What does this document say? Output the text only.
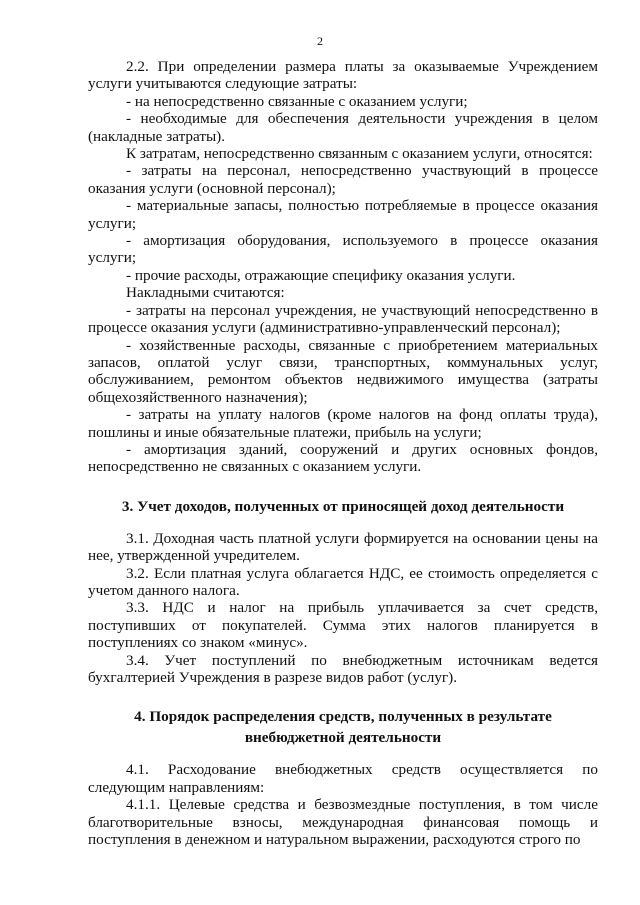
2

2.2. При определении размера платы за оказываемые Учреждением услуги учитываются следующие затраты:

- на непосредственно связанные с оказанием услуги;

- необходимые для обеспечения деятельности учреждения в целом (накладные затраты).

К затратам, непосредственно связанным с оказанием услуги, относятся:

- затраты на персонал, непосредственно участвующий в процессе оказания услуги (основной персонал);

- материальные запасы, полностью потребляемые в процессе оказания услуги;

- амортизация оборудования, используемого в процессе оказания услуги;

- прочие расходы, отражающие специфику оказания услуги.

Накладными считаются:

- затраты на персонал учреждения, не участвующий непосредственно в процессе оказания услуги (административно-управленческий персонал);

- хозяйственные расходы, связанные с приобретением материальных запасов, оплатой услуг связи, транспортных, коммунальных услуг, обслуживанием, ремонтом объектов недвижимого имущества (затраты общехозяйственного назначения);

- затраты на уплату налогов (кроме налогов на фонд оплаты труда), пошлины и иные обязательные платежи, прибыль на услуги;

- амортизация зданий, сооружений и других основных фондов, непосредственно не связанных с оказанием услуги.

3. Учет доходов, полученных от приносящей доход деятельности

3.1. Доходная часть платной услуги формируется на основании цены на нее, утвержденной учредителем.

3.2. Если платная услуга облагается НДС, ее стоимость определяется с учетом данного налога.

3.3. НДС и налог на прибыль уплачивается за счет средств, поступивших от покупателей. Сумма этих налогов планируется в поступлениях со знаком «минус».

3.4. Учет поступлений по внебюджетным источникам ведется бухгалтерией Учреждения в разрезе видов работ (услуг).

4. Порядок распределения средств, полученных в результате

внебюджетной деятельности

4.1. Расходование внебюджетных средств осуществляется по следующим направлениям:

4.1.1. Целевые средства и безвозмездные поступления, в том числе благотворительные взносы, международная финансовая помощь и поступления в денежном и натуральном выражении, расходуются строго по
